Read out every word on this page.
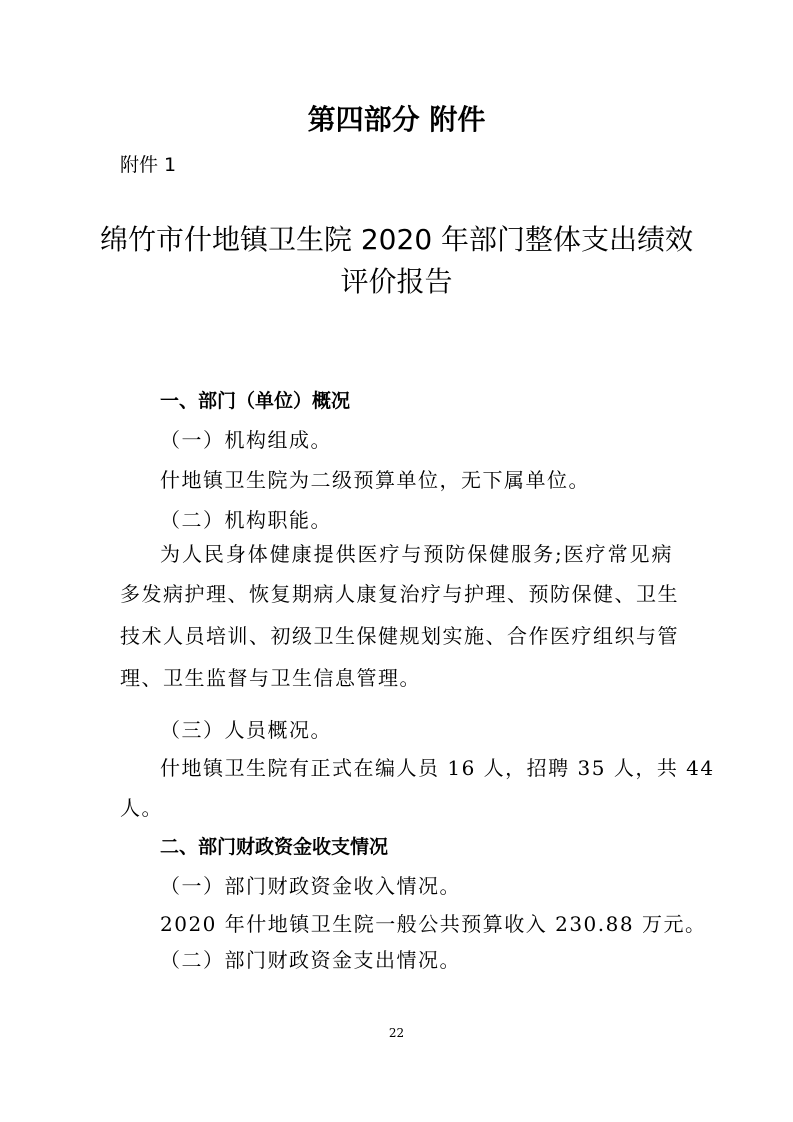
第四部分 附件
附件 1
绵竹市什地镇卫生院 2020 年部门整体支出绩效
评价报告
一、部门（单位）概况
（一）机构组成。
什地镇卫生院为二级预算单位，无下属单位。
（二）机构职能。
为人民身体健康提供医疗与预防保健服务;医疗常见病
多发病护理、恢复期病人康复治疗与护理、预防保健、卫生
技术人员培训、初级卫生保健规划实施、合作医疗组织与管
理、卫生监督与卫生信息管理。
（三）人员概况。
什地镇卫生院有正式在编人员 16 人，招聘 35 人，共 44
人。
二、部门财政资金收支情况
（一）部门财政资金收入情况。
2020 年什地镇卫生院一般公共预算收入 230.88 万元。
（二）部门财政资金支出情况。
22
